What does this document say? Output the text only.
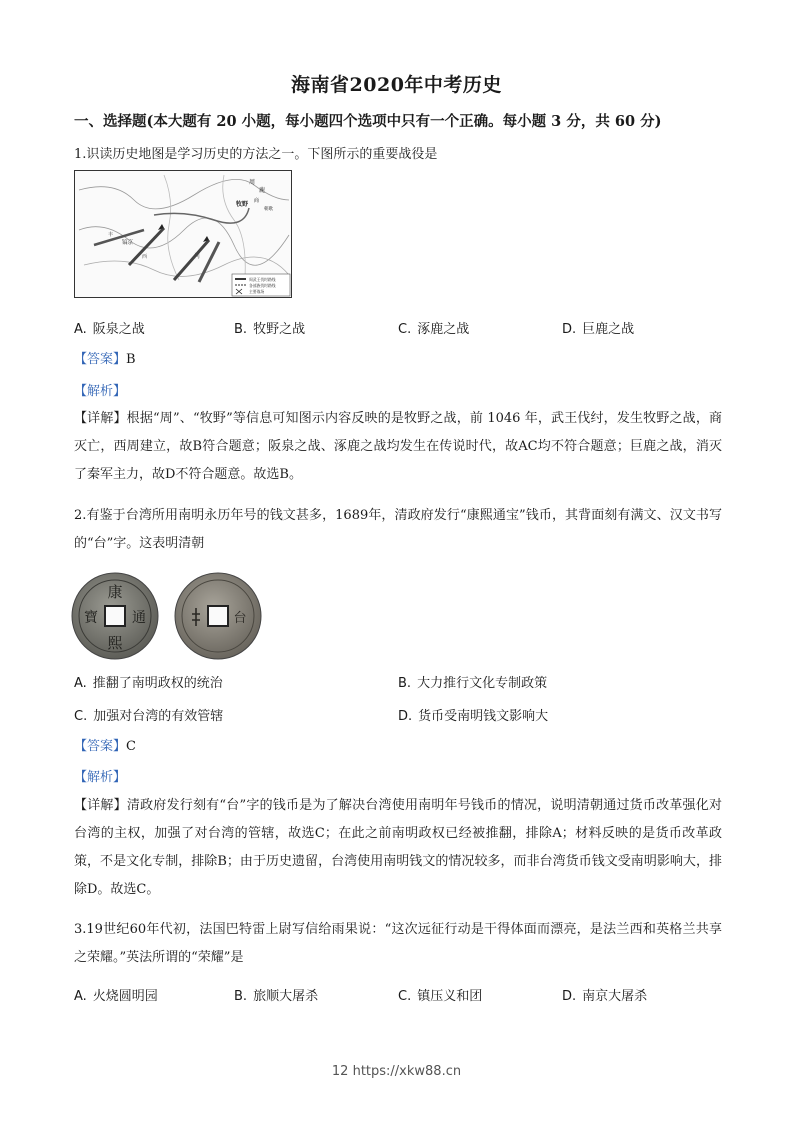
海南省2020年中考历史
一、选择题(本大题有 20 小题，每小题四个选项中只有一个正确。每小题 3 分，共 60 分)
1.识读历史地图是学习历史的方法之一。下图所示的重要战役是
周
鹿
商
牧野
朝歌
镐京
丰
河
西
周武王伐纣路线
各部族伐纣路线
主要战场
A. 阪泉之战	B. 牧野之战	C. 涿鹿之战	D. 巨鹿之战
【答案】B
【解析】
【详解】根据“周”、“牧野”等信息可知图示内容反映的是牧野之战，前 1046 年，武王伐纣，发生牧野之战，商灭亡，西周建立，故B符合题意；阪泉之战、涿鹿之战均发生在传说时代，故AC均不符合题意；巨鹿之战，消灭了秦军主力，故D不符合题意。故选B。
2.有鉴于台湾所用南明永历年号的钱文甚多，1689年，清政府发行“康熙通宝”钱币，其背面刻有满文、汉文书写的“台”字。这表明清朝
康
熙
通
寶	台
A. 推翻了南明政权的统治	B. 大力推行文化专制政策
C. 加强对台湾的有效管辖	D. 货币受南明钱文影响大
【答案】C
【解析】
【详解】清政府发行刻有“台”字的钱币是为了解决台湾使用南明年号钱币的情况，说明清朝通过货币改革强化对台湾的主权，加强了对台湾的管辖，故选C；在此之前南明政权已经被推翻，排除A；材料反映的是货币改革政策，不是文化专制，排除B；由于历史遗留，台湾使用南明钱文的情况较多，而非台湾货币钱文受南明影响大，排除D。故选C。
3.19世纪60年代初，法国巴特雷上尉写信给雨果说：“这次远征行动是干得体面而漂亮，是法兰西和英格兰共享之荣耀。”英法所谓的“荣耀”是
A. 火烧圆明园	B. 旅顺大屠杀	C. 镇压义和团	D. 南京大屠杀
12 https://xkw88.cn
